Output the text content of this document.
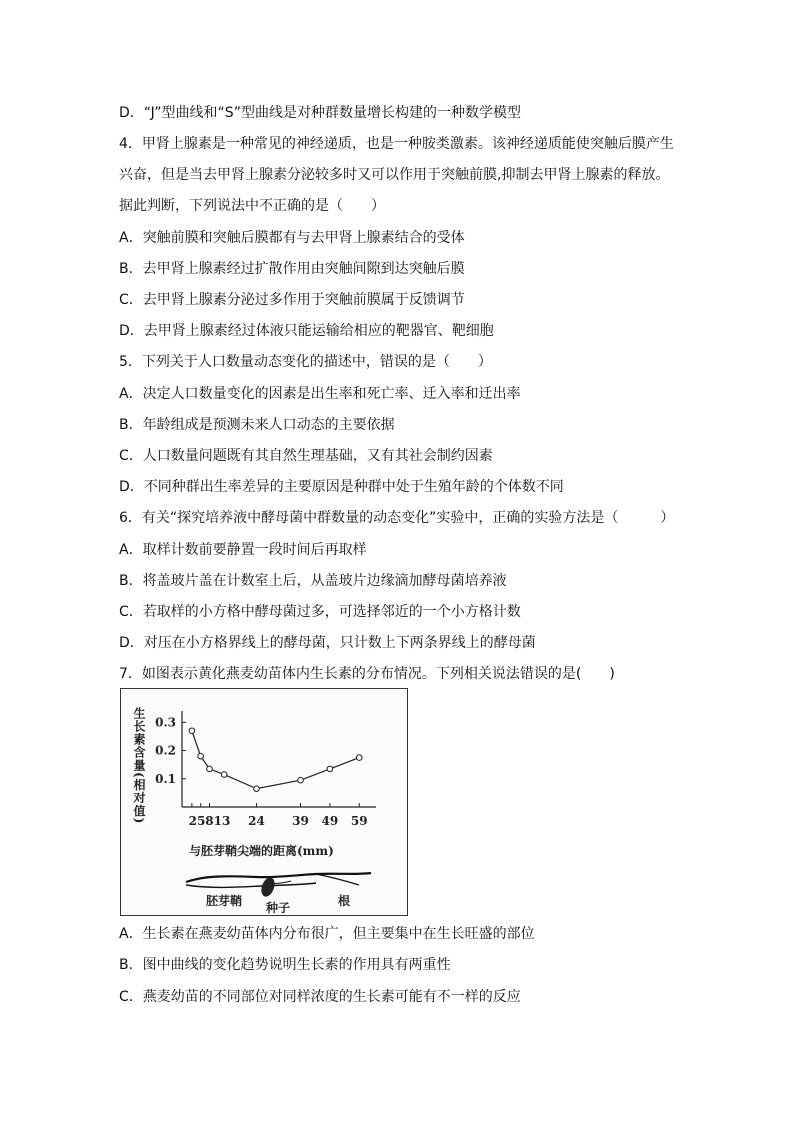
D．“J”型曲线和“S”型曲线是对种群数量增长构建的一种数学模型
4．甲肾上腺素是一种常见的神经递质，也是一种胺类激素。该神经递质能使突触后膜产生
兴奋，但是当去甲肾上腺素分泌较多时又可以作用于突触前膜,抑制去甲肾上腺素的释放。
据此判断，下列说法中不正确的是（　　）
A．突触前膜和突触后膜都有与去甲肾上腺素结合的受体
B．去甲肾上腺素经过扩散作用由突触间隙到达突触后膜
C．去甲肾上腺素分泌过多作用于突触前膜属于反馈调节
D．去甲肾上腺素经过体液只能运输给相应的靶器官、靶细胞
5．下列关于人口数量动态变化的描述中，错误的是（　　）
A．决定人口数量变化的因素是出生率和死亡率、迁入率和迁出率
B．年龄组成是预测未来人口动态的主要依据
C．人口数量问题既有其自然生理基础，又有其社会制约因素
D．不同种群出生率差异的主要原因是种群中处于生殖年龄的个体数不同
6．有关“探究培养液中酵母菌中群数量的动态变化”实验中，正确的实验方法是（　　　）
A．取样计数前要静置一段时间后再取样
B．将盖玻片盖在计数室上后，从盖玻片边缘滴加酵母菌培养液
C．若取样的小方格中酵母菌过多，可选择邻近的一个小方格计数
D．对压在小方格界线上的酵母菌，只计数上下两条界线上的酵母菌
7．如图表示黄化燕麦幼苗体内生长素的分布情况。下列相关说法错误的是(　　)
A．生长素在燕麦幼苗体内分布很广，但主要集中在生长旺盛的部位
B．图中曲线的变化趋势说明生长素的作用具有两重性
C．燕麦幼苗的不同部位对同样浓度的生长素可能有不一样的反应
生长素含量(相对值) 0.3
0.2
0.1
25813 24 39 49 59
与胚芽鞘尖端的距离(mm)
胚芽鞘 种子	根
